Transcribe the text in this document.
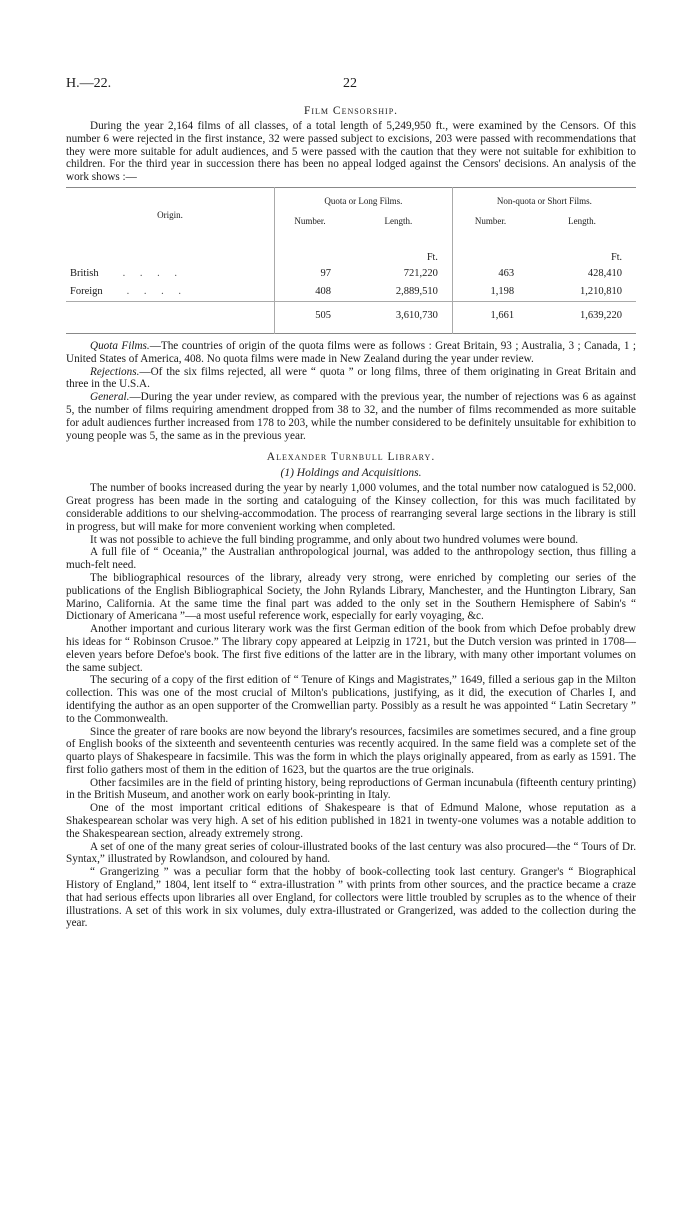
H.—22.	22
Film Censorship.

During the year 2,164 films of all classes, of a total length of 5,249,950 ft., were examined by the Censors. Of this number 6 were rejected in the first instance, 32 were passed subject to excisions, 203 were passed with recommendations that they were more suitable for adult audiences, and 5 were passed with the caution that they were not suitable for exhibition to children. For the third year in succession there has been no appeal lodged against the Censors' decisions. An analysis of the work shows :—

Origin.	Quota or Long Films.		Non-quota or Short Films.	
	Number.	Length.	Number.	Length.
		Ft.		Ft.
British . . . .	97	721,220	463	428,410
Foreign . . . .	408	2,889,510	1,198	1,210,810
	505	3,610,730	1,661	1,639,220

Quota Films.—The countries of origin of the quota films were as follows : Great Britain, 93 ; Australia, 3 ; Canada, 1 ; United States of America, 408. No quota films were made in New Zealand during the year under review.

Rejections.—Of the six films rejected, all were “ quota ” or long films, three of them originating in Great Britain and three in the U.S.A.

General.—During the year under review, as compared with the previous year, the number of rejections was 6 as against 5, the number of films requiring amendment dropped from 38 to 32, and the number of films recommended as more suitable for adult audiences further increased from 178 to 203, while the number considered to be definitely unsuitable for exhibition to young people was 5, the same as in the previous year.

Alexander Turnbull Library.
(1) Holdings and Acquisitions.

The number of books increased during the year by nearly 1,000 volumes, and the total number now catalogued is 52,000. Great progress has been made in the sorting and cataloguing of the Kinsey collection, for this was much facilitated by considerable additions to our shelving-accommodation. The process of rearranging several large sections in the library is still in progress, but will make for more convenient working when completed.

It was not possible to achieve the full binding programme, and only about two hundred volumes were bound.

A full file of “ Oceania,” the Australian anthropological journal, was added to the anthropology section, thus filling a much-felt need.

The bibliographical resources of the library, already very strong, were enriched by completing our series of the publications of the English Bibliographical Society, the John Rylands Library, Manchester, and the Huntington Library, San Marino, California. At the same time the final part was added to the only set in the Southern Hemisphere of Sabin's “ Dictionary of Americana ”—a most useful reference work, especially for early voyaging, &c.

Another important and curious literary work was the first German edition of the book from which Defoe probably drew his ideas for “ Robinson Crusoe.” The library copy appeared at Leipzig in 1721, but the Dutch version was printed in 1708—eleven years before Defoe's book. The first five editions of the latter are in the library, with many other important volumes on the same subject.

The securing of a copy of the first edition of “ Tenure of Kings and Magistrates,” 1649, filled a serious gap in the Milton collection. This was one of the most crucial of Milton's publications, justifying, as it did, the execution of Charles I, and identifying the author as an open supporter of the Cromwellian party. Possibly as a result he was appointed “ Latin Secretary ” to the Commonwealth.

Since the greater of rare books are now beyond the library's resources, facsimiles are sometimes secured, and a fine group of English books of the sixteenth and seventeenth centuries was recently acquired. In the same field was a complete set of the quarto plays of Shakespeare in facsimile. This was the form in which the plays originally appeared, from as early as 1591. The first folio gathers most of them in the edition of 1623, but the quartos are the true originals.

Other facsimiles are in the field of printing history, being reproductions of German incunabula (fifteenth century printing) in the British Museum, and another work on early book-printing in Italy.

One of the most important critical editions of Shakespeare is that of Edmund Malone, whose reputation as a Shakespearean scholar was very high. A set of his edition published in 1821 in twenty-one volumes was a notable addition to the Shakespearean section, already extremely strong.

A set of one of the many great series of colour-illustrated books of the last century was also procured—the “ Tours of Dr. Syntax,” illustrated by Rowlandson, and coloured by hand.

“ Grangerizing ” was a peculiar form that the hobby of book-collecting took last century. Granger's “ Biographical History of England,” 1804, lent itself to “ extra-illustration ” with prints from other sources, and the practice became a craze that had serious effects upon libraries all over England, for collectors were little troubled by scruples as to the whence of their illustrations. A set of this work in six volumes, duly extra-illustrated or Grangerized, was added to the collection during the year.
